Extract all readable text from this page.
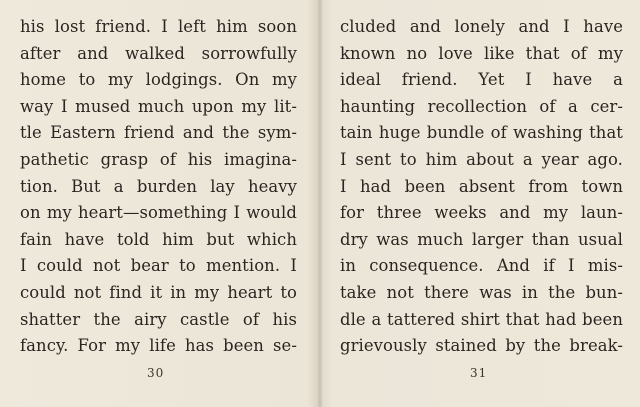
his lost friend. I left him soon
after and walked sorrowfully
home to my lodgings. On my
way I mused much upon my lit-
tle Eastern friend and the sym-
pathetic grasp of his imagina-
tion. But a burden lay heavy
on my heart—something I would
fain have told him but which
I could not bear to mention. I
could not find it in my heart to
shatter the airy castle of his
fancy. For my life has been se-
30
cluded and lonely and I have
known no love like that of my
ideal friend. Yet I have a
haunting recollection of a cer-
tain huge bundle of washing that
I sent to him about a year ago.
I had been absent from town
for three weeks and my laun-
dry was much larger than usual
in consequence. And if I mis-
take not there was in the bun-
dle a tattered shirt that had been
grievously stained by the break-
31
